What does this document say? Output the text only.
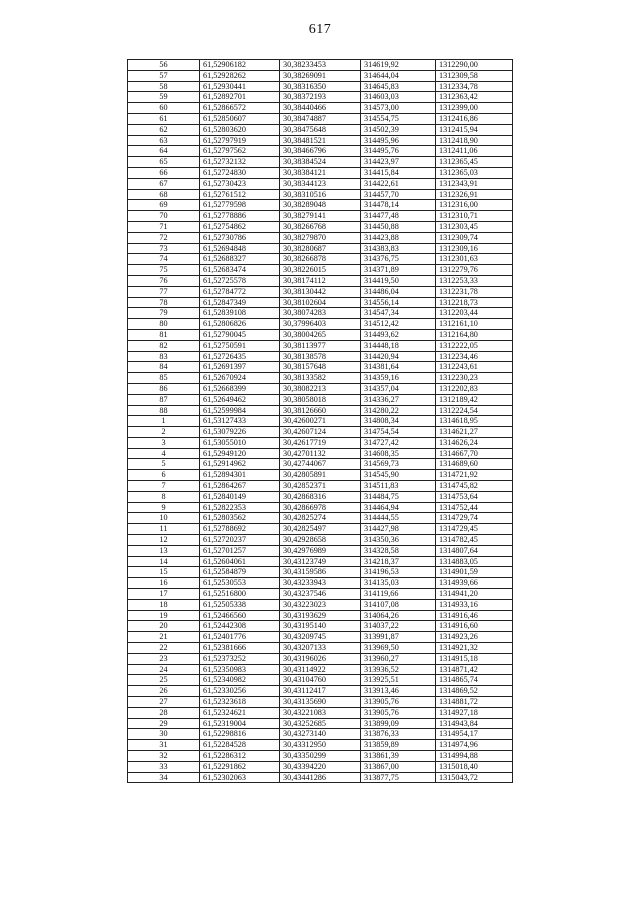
617
56	61,52906182	30,38233453	314619,92	1312290,00
57	61,52928262	30,38269091	314644,04	1312309,58
58	61,52930441	30,38316350	314645,83	1312334,78
59	61,52892701	30,38372193	314603,03	1312363,42
60	61,52866572	30,38440466	314573,00	1312399,00
61	61,52850607	30,38474887	314554,75	1312416,86
62	61,52803620	30,38475648	314502,39	1312415,94
63	61,52797919	30,38481521	314495,96	1312418,90
64	61,52797562	30,38466796	314495,76	1312411,06
65	61,52732132	30,38384524	314423,97	1312365,45
66	61,52724830	30,38384121	314415,84	1312365,03
67	61,52730423	30,38344123	314422,61	1312343,91
68	61,52761512	30,38310516	314457,70	1312326,91
69	61,52779598	30,38289048	314478,14	1312316,00
70	61,52778886	30,38279141	314477,48	1312310,71
71	61,52754862	30,38266768	314450,88	1312303,45
72	61,52730786	30,38279870	314423,88	1312309,74
73	61,52694848	30,38280687	314383,83	1312309,16
74	61,52688327	30,38266878	314376,75	1312301,63
75	61,52683474	30,38226015	314371,89	1312279,76
76	61,52725578	30,38174112	314419,50	1312253,33
77	61,52784772	30,38130442	314486,04	1312231,78
78	61,52847349	30,38102604	314556,14	1312218,73
79	61,52839108	30,38074283	314547,34	1312203,44
80	61,52806826	30,37996403	314512,42	1312161,10
81	61,52790045	30,38004265	314493,62	1312164,80
82	61,52750591	30,38113977	314448,18	1312222,05
83	61,52726435	30,38138578	314420,94	1312234,46
84	61,52691397	30,38157648	314381,64	1312243,61
85	61,52670924	30,38133582	314359,16	1312230,23
86	61,52668399	30,38082213	314357,04	1312202,83
87	61,52649462	30,38058018	314336,27	1312189,42
88	61,52599984	30,38126660	314280,22	1312224,54
1	61,53127433	30,42600271	314808,34	1314618,95
2	61,53079226	30,42607124	314754,54	1314621,27
3	61,53055010	30,42617719	314727,42	1314626,24
4	61,52949120	30,42701132	314608,35	1314667,70
5	61,52914962	30,42744067	314569,73	1314689,60
6	61,52894301	30,42805891	314545,90	1314721,92
7	61,52864267	30,42852371	314511,83	1314745,82
8	61,52840149	30,42868316	314484,75	1314753,64
9	61,52822353	30,42866978	314464,94	1314752,44
10	61,52803562	30,42825274	314444,55	1314729,74
11	61,52788692	30,42825497	314427,98	1314729,45
12	61,52720237	30,42928658	314350,36	1314782,45
13	61,52701257	30,42976989	314328,58	1314807,64
14	61,52604061	30,43123749	314218,37	1314883,05
15	61,52584879	30,43159586	314196,53	1314901,59
16	61,52530553	30,43233943	314135,03	1314939,66
17	61,52516800	30,43237546	314119,66	1314941,20
18	61,52505338	30,43223023	314107,08	1314933,16
19	61,52466560	30,43193629	314064,26	1314916,46
20	61,52442308	30,43195140	314037,22	1314916,60
21	61,52401776	30,43209745	313991,87	1314923,26
22	61,52381666	30,43207133	313969,50	1314921,32
23	61,52373252	30,43196026	313960,27	1314915,18
24	61,52350983	30,43114922	313936,52	1314871,42
25	61,52340982	30,43104760	313925,51	1314865,74
26	61,52330256	30,43112417	313913,46	1314869,52
27	61,52323618	30,43135690	313905,76	1314881,72
28	61,52324621	30,43221083	313905,76	1314927,18
29	61,52319004	30,43252685	313899,09	1314943,84
30	61,52298816	30,43273140	313876,33	1314954,17
31	61,52284528	30,43312950	313859,89	1314974,96
32	61,52286312	30,43350299	313861,39	1314994,88
33	61,52291862	30,43394220	313867,00	1315018,40
34	61,52302063	30,43441286	313877,75	1315043,72
